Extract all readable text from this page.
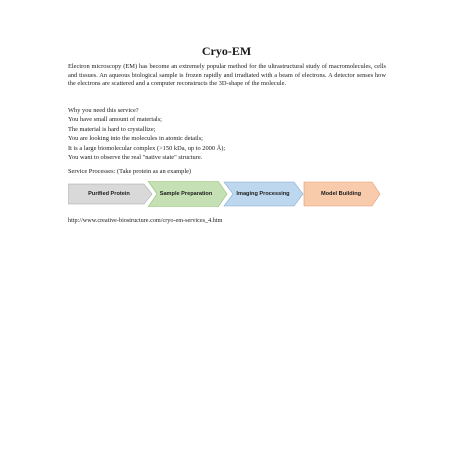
Cryo-EM
Electron microscopy (EM) has become an extremely popular method for the ultrastructural study of macromolecules, cells and tissues. An aqueous biological sample is frozen rapidly and irradiated with a beam of electrons. A detector senses how the electrons are scattered and a computer reconstructs the 3D-shape of the molecule.
Why you need this service?
You have small amount of materials;
The material is hard to crystallize;
You are looking into the molecules in atomic details;
It is a large biomolecular complex (>150 kDa, up to 2000 Å);
You want to observe the real "native state" structure.
Service Processes: (Take protein as an example)
Purified Protein	Sample Preparation	Imaging Processing	Model Building
http://www.creative-biostructure.com/cryo-em-services_4.htm
